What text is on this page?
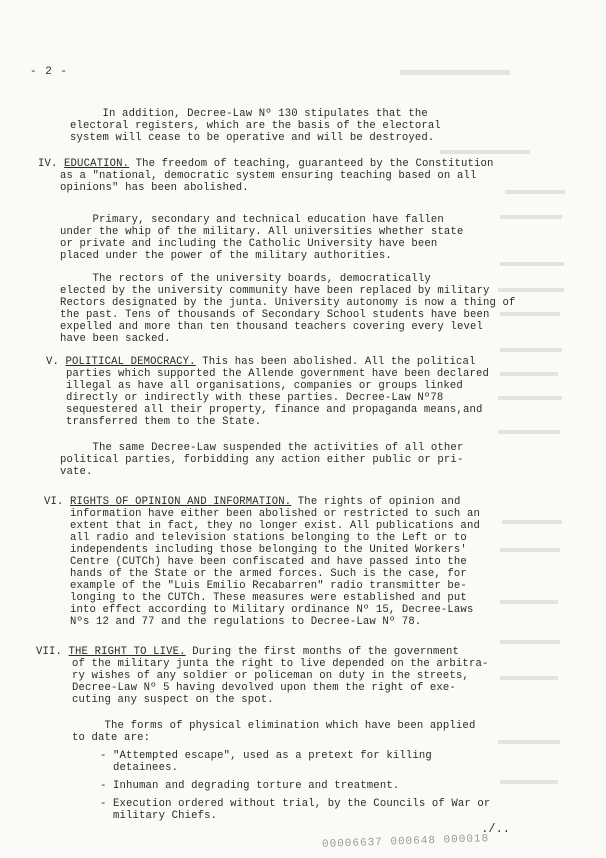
- 2 -

In addition, Decree-Law Nº 130 stipulates that the

electoral registers, which are the basis of the electoral

system will cease to be operative and will be destroyed.

IV. EDUCATION. The freedom of teaching, guaranteed by the Constitution

as a "national, democratic system ensuring teaching based on all

opinions" has been abolished.

Primary, secondary and technical education have fallen

under the whip of the military. All universities whether state

or private and including the Catholic University have been

placed under the power of the military authorities.

The rectors of the university boards, democratically

elected by the university community have been replaced by military

Rectors designated by the junta. University autonomy is now a thing of

the past. Tens of thousands of Secondary School students have been

expelled and more than ten thousand teachers covering every level

have been sacked.

V. POLITICAL DEMOCRACY. This has been abolished. All the political

parties which supported the Allende government have been declared

illegal as have all organisations, companies or groups linked

directly or indirectly with these parties. Decree-Law Nº78

sequestered all their property, finance and propaganda means,and

transferred them to the State.

The same Decree-Law suspended the activities of all other

political parties, forbidding any action either public or pri-

vate.

VI. RIGHTS OF OPINION AND INFORMATION. The rights of opinion and

information have either been abolished or restricted to such an

extent that in fact, they no longer exist. All publications and

all radio and television stations belonging to the Left or to

independents including those belonging to the United Workers'

Centre (CUTCh) have been confiscated and have passed into the

hands of the State or the armed forces. Such is the case, for

example of the "Luis Emilio Recabarren" radio transmitter be-

longing to the CUTCh. These measures were established and put

into effect according to Military ordinance Nº 15, Decree-Laws

Nºs 12 and 77 and the regulations to Decree-Law Nº 78.

VII. THE RIGHT TO LIVE. During the first months of the government

of the military junta the right to live depended on the arbitra-

ry wishes of any soldier or policeman on duty in the streets,

Decree-Law Nº 5 having devolved upon them the right of exe-

cuting any suspect on the spot.

The forms of physical elimination which have been applied

to date are:

- "Attempted escape", used as a pretext for killing

detainees.

- Inhuman and degrading torture and treatment.

- Execution ordered without trial, by the Councils of War or

military Chiefs.

./..
00006637 000648 000018
